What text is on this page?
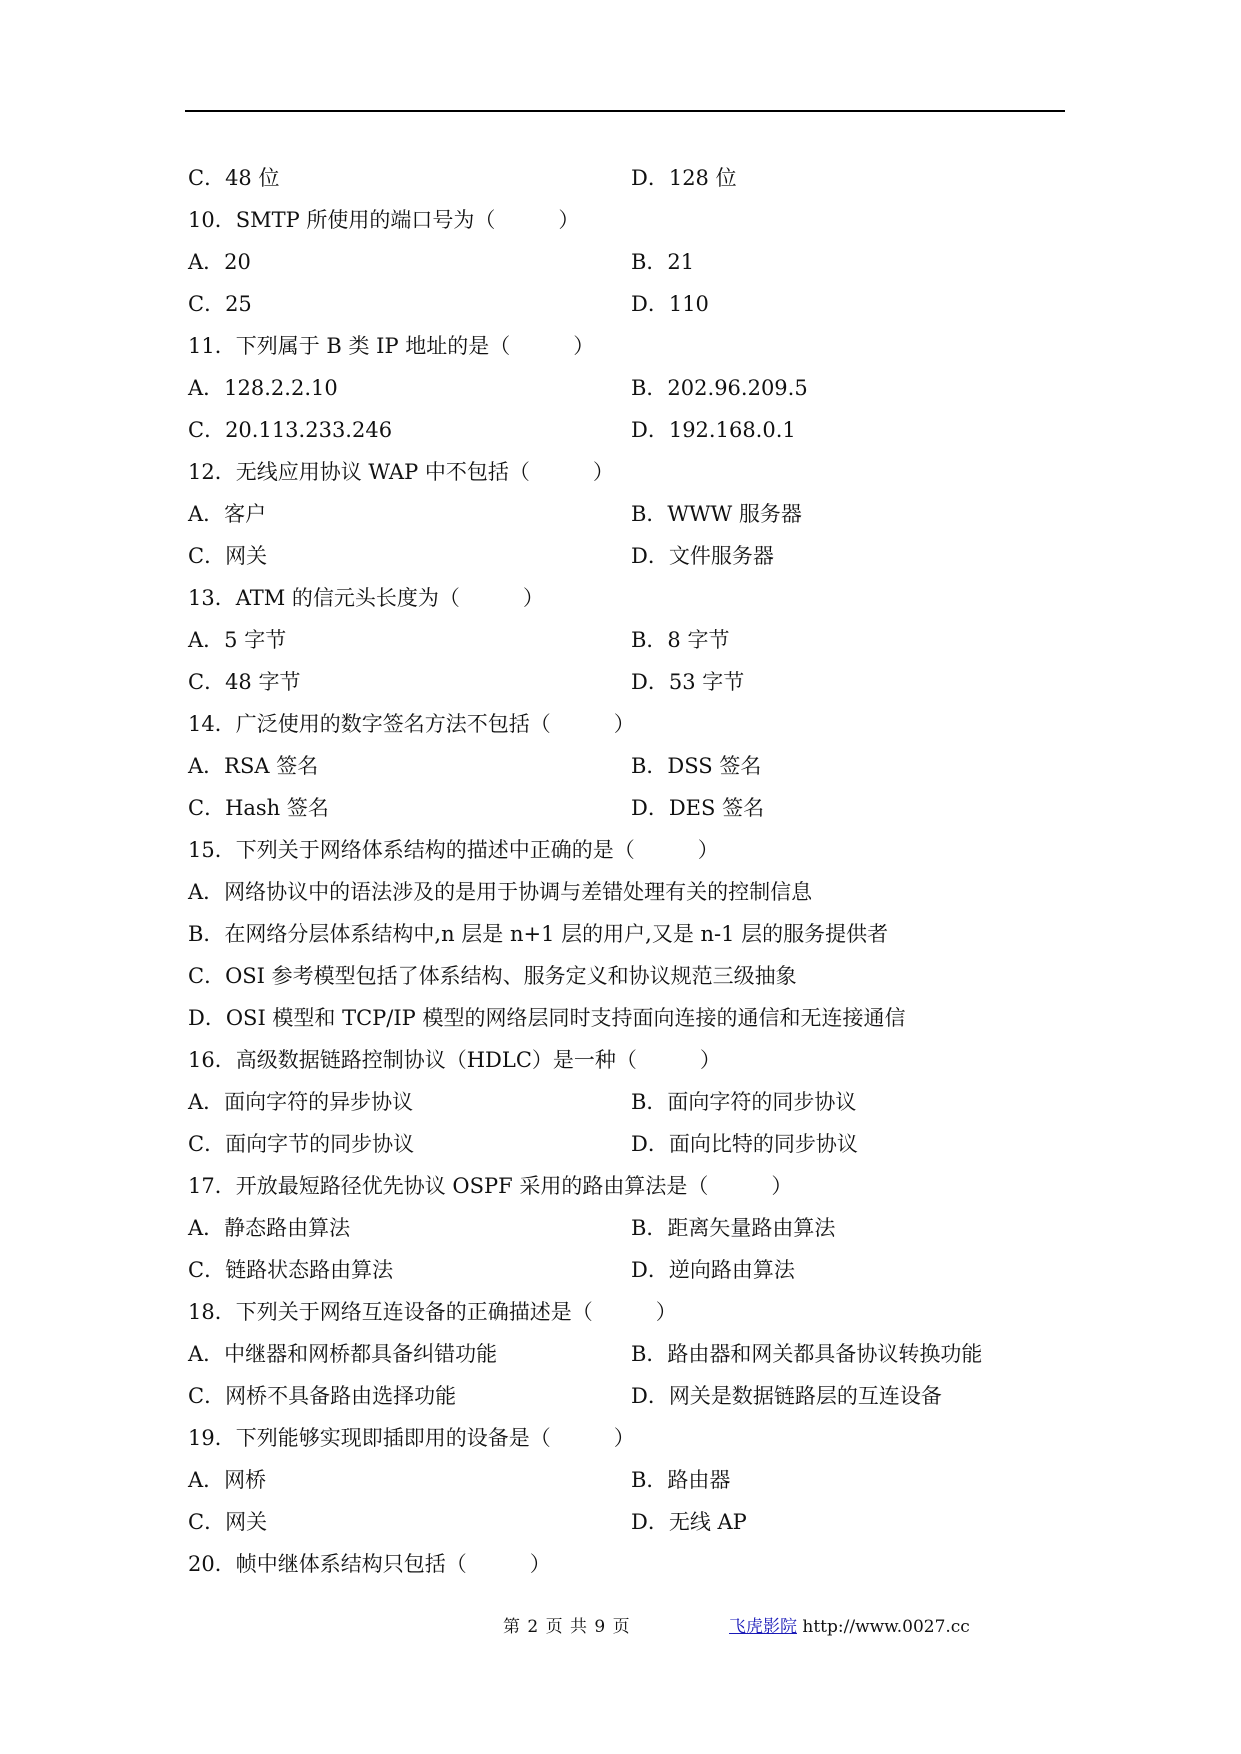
C．48 位	D．128 位
10．SMTP 所使用的端口号为（　　　）
A．20	B．21
C．25	D．110
11．下列属于 B 类 IP 地址的是（　　　）
A．128.2.2.10	B．202.96.209.5
C．20.113.233.246	D．192.168.0.1
12．无线应用协议 WAP 中不包括（　　　）
A．客户	B．WWW 服务器
C．网关	D．文件服务器
13．ATM 的信元头长度为（　　　）
A．5 字节	B．8 字节
C．48 字节	D．53 字节
14．广泛使用的数字签名方法不包括（　　　）
A．RSA 签名	B．DSS 签名
C．Hash 签名	D．DES 签名
15．下列关于网络体系结构的描述中正确的是（　　　）
A．网络协议中的语法涉及的是用于协调与差错处理有关的控制信息
B．在网络分层体系结构中,n 层是 n+1 层的用户,又是 n-1 层的服务提供者
C．OSI 参考模型包括了体系结构、服务定义和协议规范三级抽象
D．OSI 模型和 TCP/IP 模型的网络层同时支持面向连接的通信和无连接通信
16．高级数据链路控制协议（HDLC）是一种（　　　）
A．面向字符的异步协议	B．面向字符的同步协议
C．面向字节的同步协议	D．面向比特的同步协议
17．开放最短路径优先协议 OSPF 采用的路由算法是（　　　）
A．静态路由算法	B．距离矢量路由算法
C．链路状态路由算法	D．逆向路由算法
18．下列关于网络互连设备的正确描述是（　　　）
A．中继器和网桥都具备纠错功能	B．路由器和网关都具备协议转换功能
C．网桥不具备路由选择功能	D．网关是数据链路层的互连设备
19．下列能够实现即插即用的设备是（　　　）
A．网桥	B．路由器
C．网关	D．无线 AP
20．帧中继体系结构只包括（　　　）
第 2 页 共 9 页	飞虎影院 http://www.0027.cc
